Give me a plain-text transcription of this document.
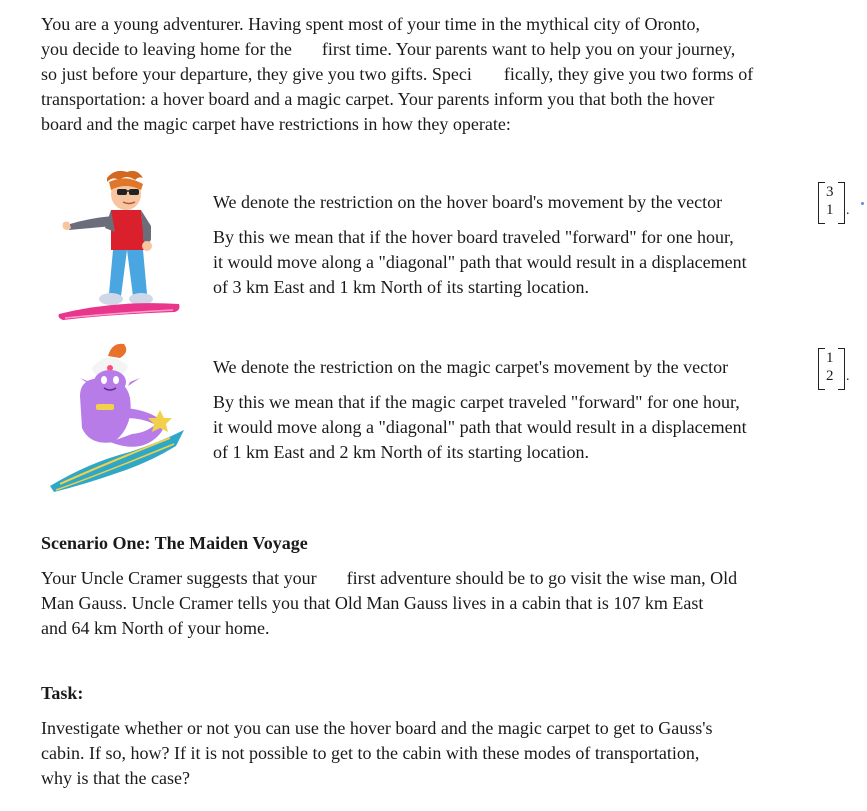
You are a young adventurer. Having spent most of your time in the mythical city of Oronto,
you decide to leaving home for the first time. Your parents want to help you on your journey,
so just before your departure, they give you two gifts. Speci fically, they give you two forms of
transportation: a hover board and a magic carpet. Your parents inform you that both the hover
board and the magic carpet have restrictions in how they operate:

We denote the restriction on the hover board's movement by the vector

By this we mean that if the hover board traveled "forward" for one hour,
it would move along a "diagonal" path that would result in a displacement
of 3 km East and 1 km North of its starting location.

3
1 .

We denote the restriction on the magic carpet's movement by the vector

By this we mean that if the magic carpet traveled "forward" for one hour,
it would move along a "diagonal" path that would result in a displacement
of 1 km East and 2 km North of its starting location.

1
2 .
Scenario One: The Maiden Voyage
Your Uncle Cramer suggests that your first adventure should be to go visit the wise man, Old
Man Gauss. Uncle Cramer tells you that Old Man Gauss lives in a cabin that is 107 km East
and 64 km North of your home.
Task:
Investigate whether or not you can use the hover board and the magic carpet to get to Gauss's
cabin. If so, how? If it is not possible to get to the cabin with these modes of transportation,
why is that the case?
